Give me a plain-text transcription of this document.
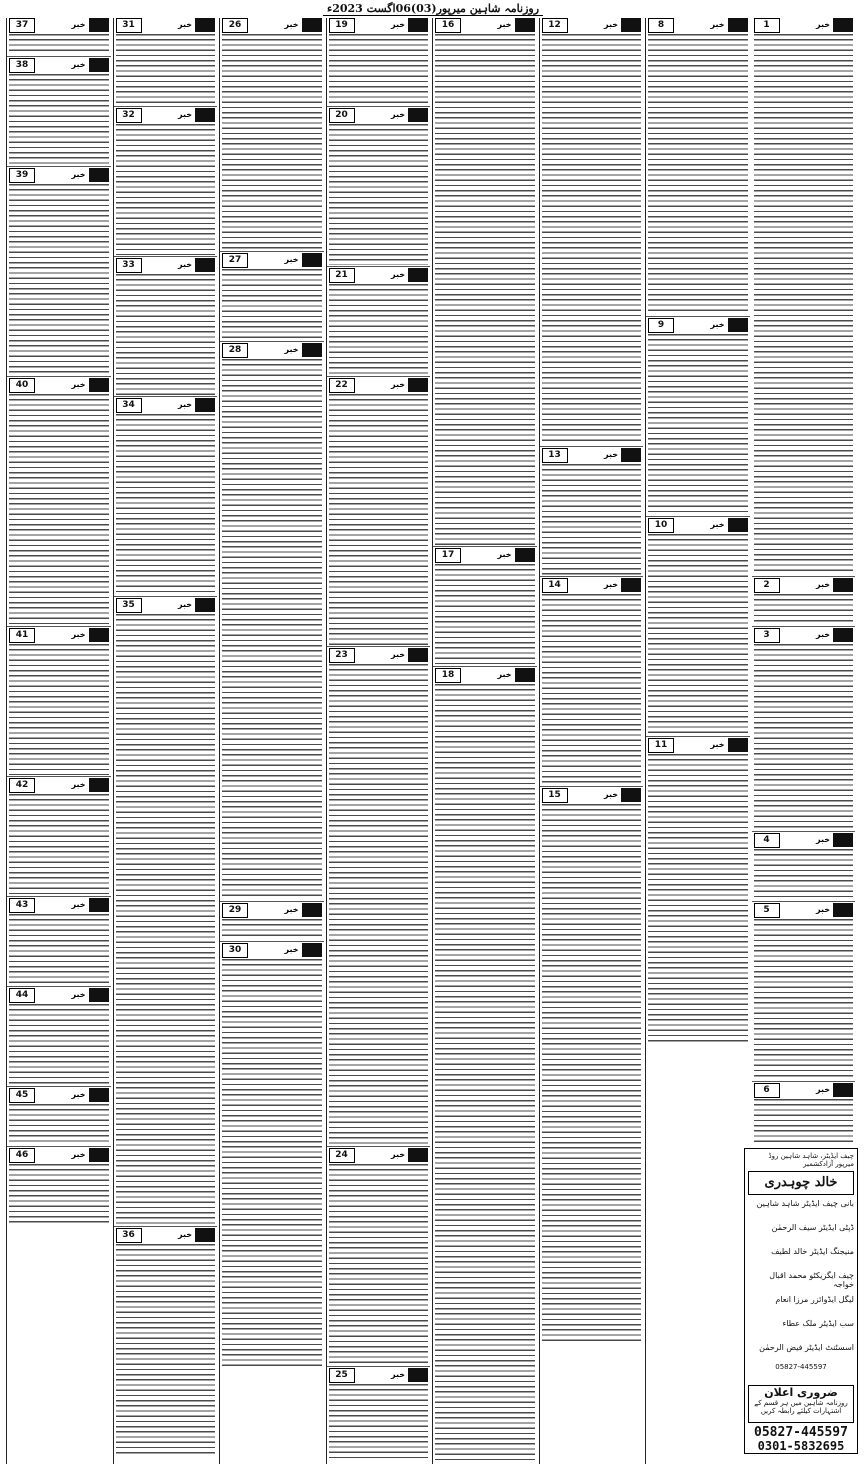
روزنامہ شاہین میرپور(03)06اگست 2023ء
خبر
1
خبر
2
خبر
3
خبر
4
خبر
5
خبر
6
خبر
8
خبر
9
خبر
10
خبر
11
خبر
12
خبر
13
خبر
14
خبر
15
خبر
16
خبر
17
خبر
18
خبر
19
خبر
20
خبر
21
خبر
22
خبر
23
خبر
24
خبر
25
خبر
26
خبر
27
خبر
28
خبر
29
خبر
30
خبر
31
خبر
32
خبر
33
خبر
34
خبر
35
خبر
36
خبر
37
خبر
38
خبر
39
خبر
40
خبر
41
خبر
42
خبر
43
خبر
44
خبر
45
خبر
46	چیف ایڈیٹر، شاہد شاہین روڈ میرپور آزادکشمیر
خالد چوہدری
بانی چیف ایڈیٹر شاہد شاہین
ڈپٹی ایڈیٹر سیف الرحمٰن
منیجنگ ایڈیٹر خالد لطیف
چیف ایگزیکٹو محمد اقبال خواجہ
لیگل ایڈوائزر مرزا انعام
سب ایڈیٹر ملک عطاء
اسسٹنٹ ایڈیٹر فیض الرحمٰن
05827-445597
ضروری اعلان
روزنامہ شاہین میں ہر قسم کے اشتہارات کیلئے رابطہ کریں
05827-445597
0301-5832695
